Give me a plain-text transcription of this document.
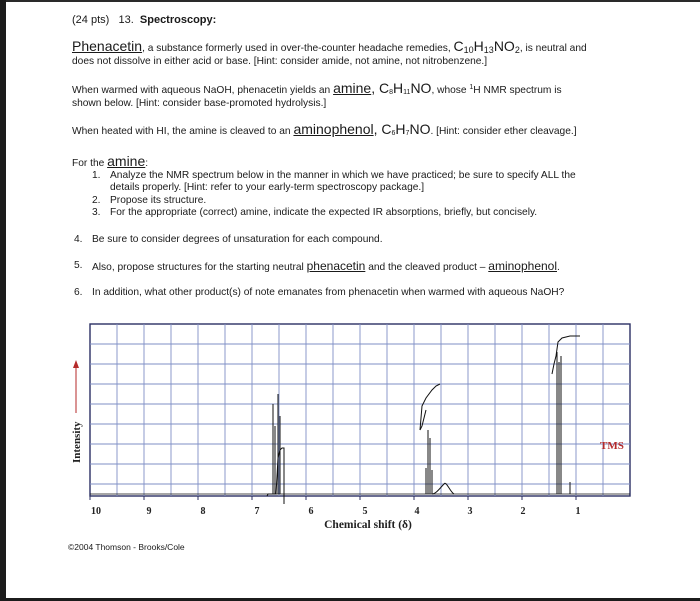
(24 pts) 13. Spectroscopy:
Phenacetin, a substance formerly used in over-the-counter headache remedies, $C_{10}H_{13}NO_2$, is neutral and
does not dissolve in either acid or base. [Hint: consider amide, not amine, not nitrobenzene.]
When warmed with aqueous NaOH, phenacetin yields an amine, C8H11NO, whose $^1$H NMR spectrum is
shown below. [Hint: consider base-promoted hydrolysis.]
When heated with HI, the amine is cleaved to an aminophenol, C6H7NO. [Hint: consider ether cleavage.]
For the amine:
1. Analyze the NMR spectrum below in the manner in which we have practiced; be sure to specify ALL the
details properly. [Hint: refer to your early-term spectroscopy package.]
2. Propose its structure.
3. For the appropriate (correct) amine, indicate the expected IR absorptions, briefly, but concisely.
4. Be sure to consider degrees of unsaturation for each compound.
5. Also, propose structures for the starting neutral phenacetin and the cleaved product – aminophenol.
6. In addition, what other product(s) of note emanates from phenacetin when warmed with aqueous NaOH?
10	9	8	7	6	5	4	3	2	1
Chemical shift (δ)
Intensity	TMS
©2004 Thomson - Brooks/Cole
